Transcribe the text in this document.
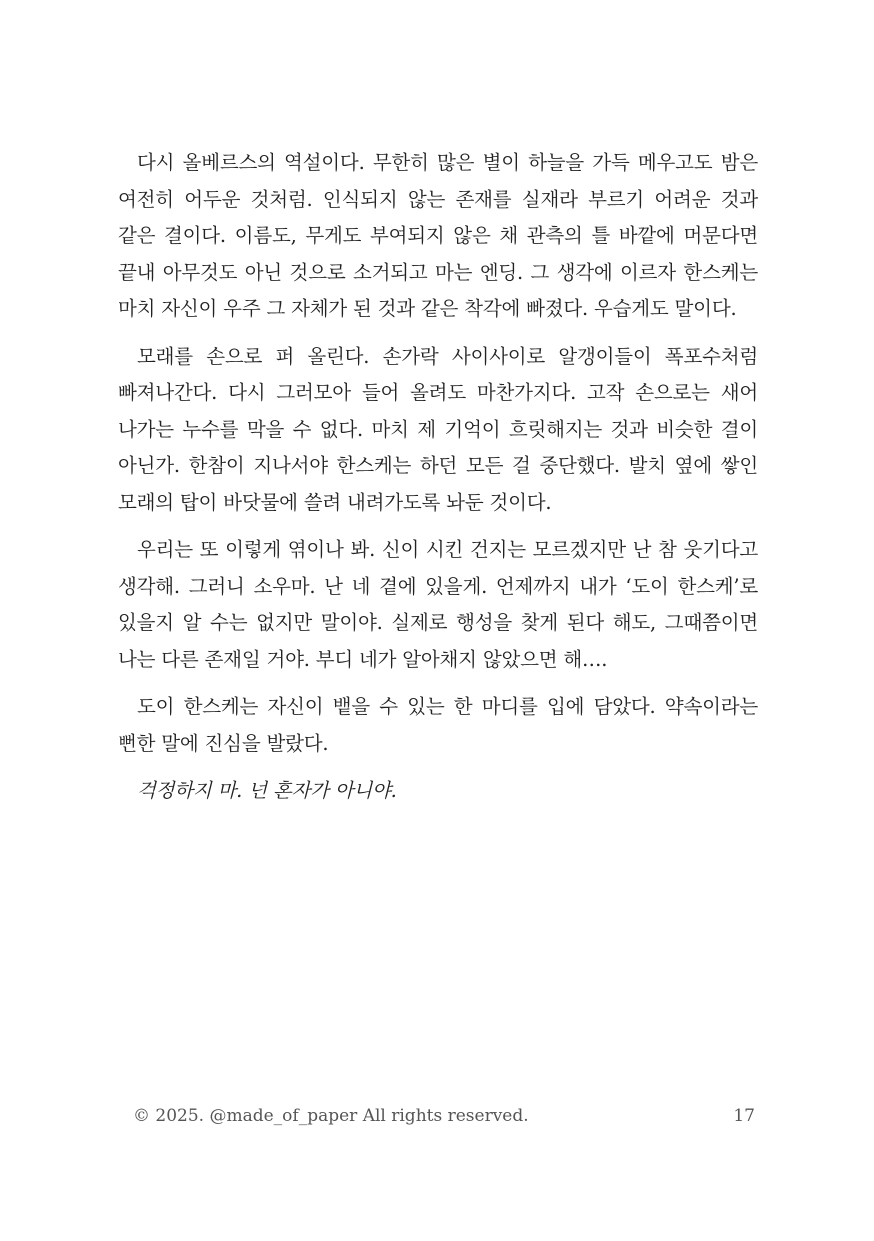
다시 올베르스의 역설이다. 무한히 많은 별이 하늘을 가득 메우고도 밤은 여전히 어두운 것처럼. 인식되지 않는 존재를 실재라 부르기 어려운 것과 같은 결이다. 이름도, 무게도 부여되지 않은 채 관측의 틀 바깥에 머문다면 끝내 아무것도 아닌 것으로 소거되고 마는 엔딩. 그 생각에 이르자 한스케는 마치 자신이 우주 그 자체가 된 것과 같은 착각에 빠졌다. 우습게도 말이다.

모래를 손으로 퍼 올린다. 손가락 사이사이로 알갱이들이 폭포수처럼 빠져나간다. 다시 그러모아 들어 올려도 마찬가지다. 고작 손으로는 새어 나가는 누수를 막을 수 없다. 마치 제 기억이 흐릿해지는 것과 비슷한 결이 아닌가. 한참이 지나서야 한스케는 하던 모든 걸 중단했다. 발치 옆에 쌓인 모래의 탑이 바닷물에 쓸려 내려가도록 놔둔 것이다.

우리는 또 이렇게 엮이나 봐. 신이 시킨 건지는 모르겠지만 난 참 웃기다고 생각해. 그러니 소우마. 난 네 곁에 있을게. 언제까지 내가 ‘도이 한스케’로 있을지 알 수는 없지만 말이야. 실제로 행성을 찾게 된다 해도, 그때쯤이면 나는 다른 존재일 거야. 부디 네가 알아채지 않았으면 해….

도이 한스케는 자신이 뱉을 수 있는 한 마디를 입에 담았다. 약속이라는 뻔한 말에 진심을 발랐다.

걱정하지 마. 넌 혼자가 아니야.

© 2025. @made_of_paper All rights reserved.	17
